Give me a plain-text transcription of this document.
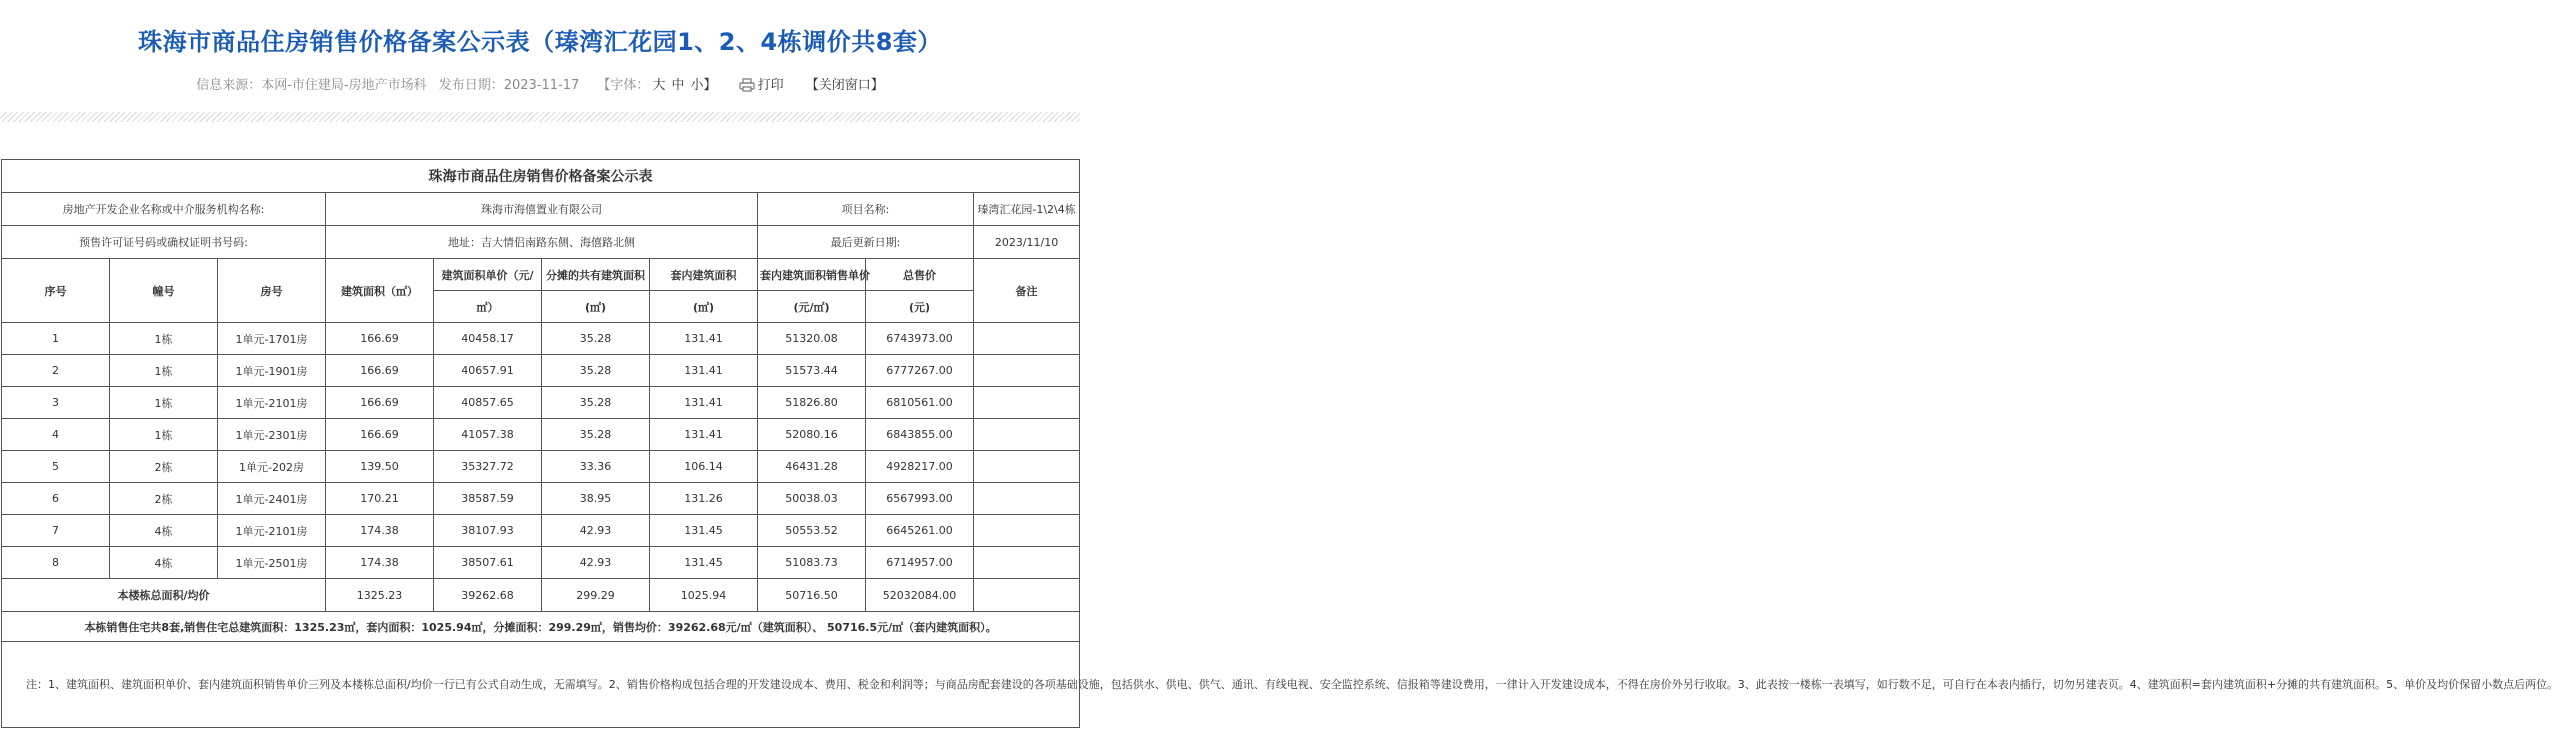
珠海市商品住房销售价格备案公示表（瑧湾汇花园1、2、4栋调价共8套）
信息来源：本网-市住建局-房地产市场科 发布日期：2023-11-17 【字体： 大 中 小】	打印 【关闭窗口】
珠海市商品住房销售价格备案公示表									
房地产开发企业名称或中介服务机构名称:			珠海市海僖置业有限公司				项目名称:		瑧湾汇花园-1\2\4栋
预售许可证号码或确权证明书号码:			地址：吉大情侣南路东侧、海僖路北侧				最后更新日期:		2023/11/10
序号	幢号	房号	建筑面积（㎡）	建筑面积单价（元/	分摊的共有建筑面积	套内建筑面积	套内建筑面积销售单价	总售价	备注
				㎡）	(㎡)	(㎡)	(元/㎡)	(元)	
1	1栋	1单元-1701房	166.69	40458.17	35.28	131.41	51320.08	6743973.00	
2	1栋	1单元-1901房	166.69	40657.91	35.28	131.41	51573.44	6777267.00	
3	1栋	1单元-2101房	166.69	40857.65	35.28	131.41	51826.80	6810561.00	
4	1栋	1单元-2301房	166.69	41057.38	35.28	131.41	52080.16	6843855.00	
5	2栋	1单元-202房	139.50	35327.72	33.36	106.14	46431.28	4928217.00	
6	2栋	1单元-2401房	170.21	38587.59	38.95	131.26	50038.03	6567993.00	
7	4栋	1单元-2101房	174.38	38107.93	42.93	131.45	50553.52	6645261.00	
8	4栋	1单元-2501房	174.38	38507.61	42.93	131.45	51083.73	6714957.00	
本楼栋总面积/均价			1325.23	39262.68	299.29	1025.94	50716.50	52032084.00	
本栋销售住宅共8套,销售住宅总建筑面积：1325.23㎡，套内面积：1025.94㎡，分摊面积：299.29㎡，销售均价：39262.68元/㎡（建筑面积）、 50716.5元/㎡（套内建筑面积）。									
注：1、建筑面积、建筑面积单价、套内建筑面积销售单价三列及本楼栋总面积/均价一行已有公式自动生成，无需填写。2、销售价格构成包括合理的开发建设成本、费用、税金和利润等；与商品房配套建设的各项基础设施，包括供水、供电、供气、通讯、有线电视、安全监控系统、信报箱等建设费用，一律计入开发建设成本，不得在房价外另行收取。3、此表按一楼栋一表填写，如行数不足，可自行在本表内插行，切勿另建表页。4、建筑面积=套内建筑面积+分摊的共有建筑面积。5、单价及均价保留小数点后两位。									
